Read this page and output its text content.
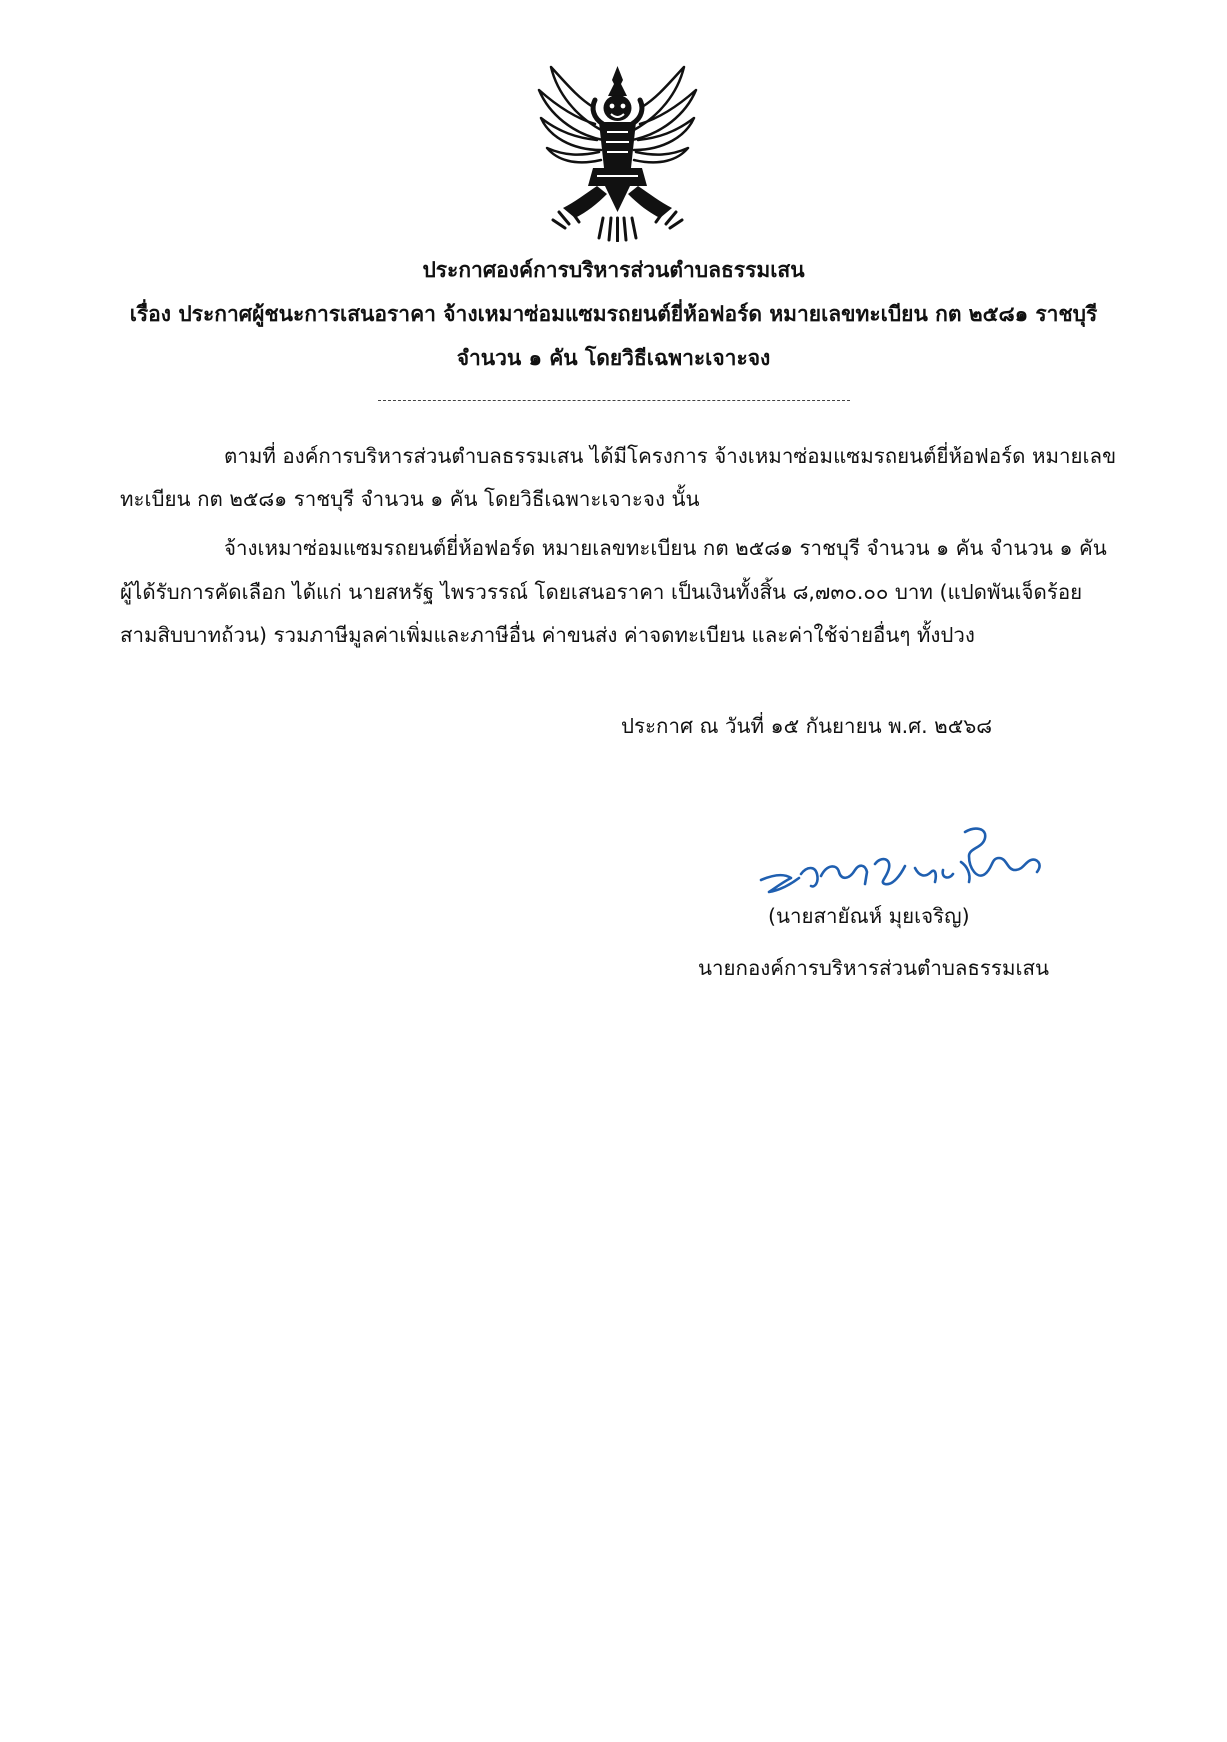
ประกาศองค์การบริหารส่วนตำบลธรรมเสน
เรื่อง ประกาศผู้ชนะการเสนอราคา จ้างเหมาซ่อมแซมรถยนต์ยี่ห้อฟอร์ด หมายเลขทะเบียน กต ๒๕๘๑ ราชบุรี
จำนวน ๑ คัน โดยวิธีเฉพาะเจาะจง
ตามที่ องค์การบริหารส่วนตำบลธรรมเสน ได้มีโครงการ จ้างเหมาซ่อมแซมรถยนต์ยี่ห้อฟอร์ด หมายเลข
ทะเบียน กต ๒๕๘๑ ราชบุรี จำนวน ๑ คัน โดยวิธีเฉพาะเจาะจง นั้น
จ้างเหมาซ่อมแซมรถยนต์ยี่ห้อฟอร์ด หมายเลขทะเบียน กต ๒๕๘๑ ราชบุรี จำนวน ๑ คัน จำนวน ๑ คัน
ผู้ได้รับการคัดเลือก ได้แก่ นายสหรัฐ ไพรวรรณ์ โดยเสนอราคา เป็นเงินทั้งสิ้น ๘,๗๓๐.๐๐ บาท (แปดพันเจ็ดร้อย
สามสิบบาทถ้วน) รวมภาษีมูลค่าเพิ่มและภาษีอื่น ค่าขนส่ง ค่าจดทะเบียน และค่าใช้จ่ายอื่นๆ ทั้งปวง
ประกาศ ณ วันที่ ๑๕ กันยายน พ.ศ. ๒๕๖๘
(นายสายัณห์ มุยเจริญ)
นายกองค์การบริหารส่วนตำบลธรรมเสน
